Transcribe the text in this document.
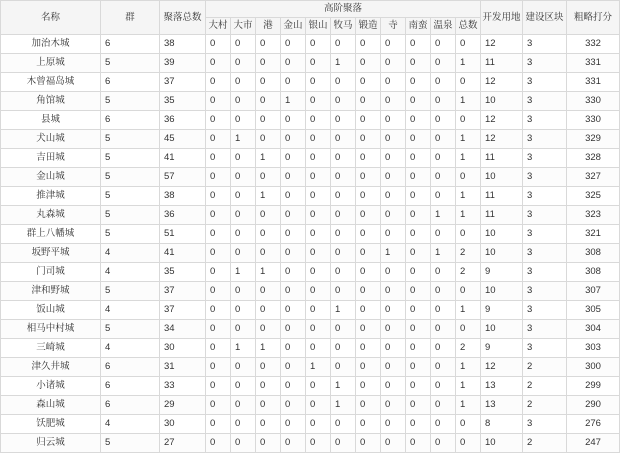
名称	群	聚落总数	高阶聚落											开发用地	建设区块	粗略打分
			大村	大市	港	金山	银山	牧马	锻造	寺	南蛮	温泉	总数			
加治木城	6	38	0	0	0	0	0	0	0	0	0	0	0	12	3	332
上原城	5	39	0	0	0	0	0	1	0	0	0	0	1	11	3	331
木曾福岛城	6	37	0	0	0	0	0	0	0	0	0	0	0	12	3	331
角馆城	5	35	0	0	0	1	0	0	0	0	0	0	1	10	3	330
县城	6	36	0	0	0	0	0	0	0	0	0	0	0	12	3	330
犬山城	5	45	0	1	0	0	0	0	0	0	0	0	1	12	3	329
吉田城	5	41	0	0	1	0	0	0	0	0	0	0	1	11	3	328
金山城	5	57	0	0	0	0	0	0	0	0	0	0	0	10	3	327
推津城	5	38	0	0	1	0	0	0	0	0	0	0	1	11	3	325
丸森城	5	36	0	0	0	0	0	0	0	0	0	1	1	11	3	323
群上八幡城	5	51	0	0	0	0	0	0	0	0	0	0	0	10	3	321
坂野平城	4	41	0	0	0	0	0	0	0	1	0	1	2	10	3	308
门司城	4	35	0	1	1	0	0	0	0	0	0	0	2	9	3	308
津和野城	5	37	0	0	0	0	0	0	0	0	0	0	0	10	3	307
饭山城	4	37	0	0	0	0	0	1	0	0	0	0	1	9	3	305
相马中村城	5	34	0	0	0	0	0	0	0	0	0	0	0	10	3	304
三崎城	4	30	0	1	1	0	0	0	0	0	0	0	2	9	3	303
津久井城	6	31	0	0	0	0	1	0	0	0	0	0	1	12	2	300
小诸城	6	33	0	0	0	0	0	1	0	0	0	0	1	13	2	299
森山城	6	29	0	0	0	0	0	1	0	0	0	0	1	13	2	290
饫肥城	4	30	0	0	0	0	0	0	0	0	0	0	0	8	3	276
归云城	5	27	0	0	0	0	0	0	0	0	0	0	0	10	2	247
